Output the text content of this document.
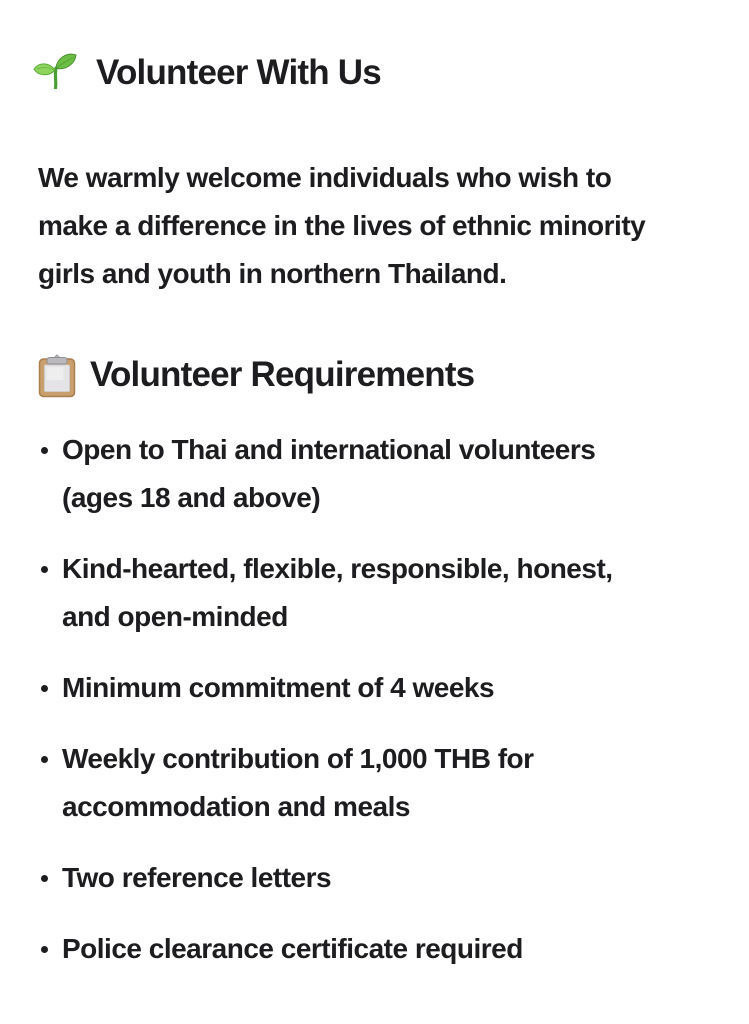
Volunteer With Us
We warmly welcome individuals who wish to
make a difference in the lives of ethnic minority
girls and youth in northern Thailand.
Volunteer Requirements
Open to Thai and international volunteers
(ages 18 and above)
Kind-hearted, flexible, responsible, honest,
and open-minded
Minimum commitment of 4 weeks
Weekly contribution of 1,000 THB for
accommodation and meals
Two reference letters
Police clearance certificate required
